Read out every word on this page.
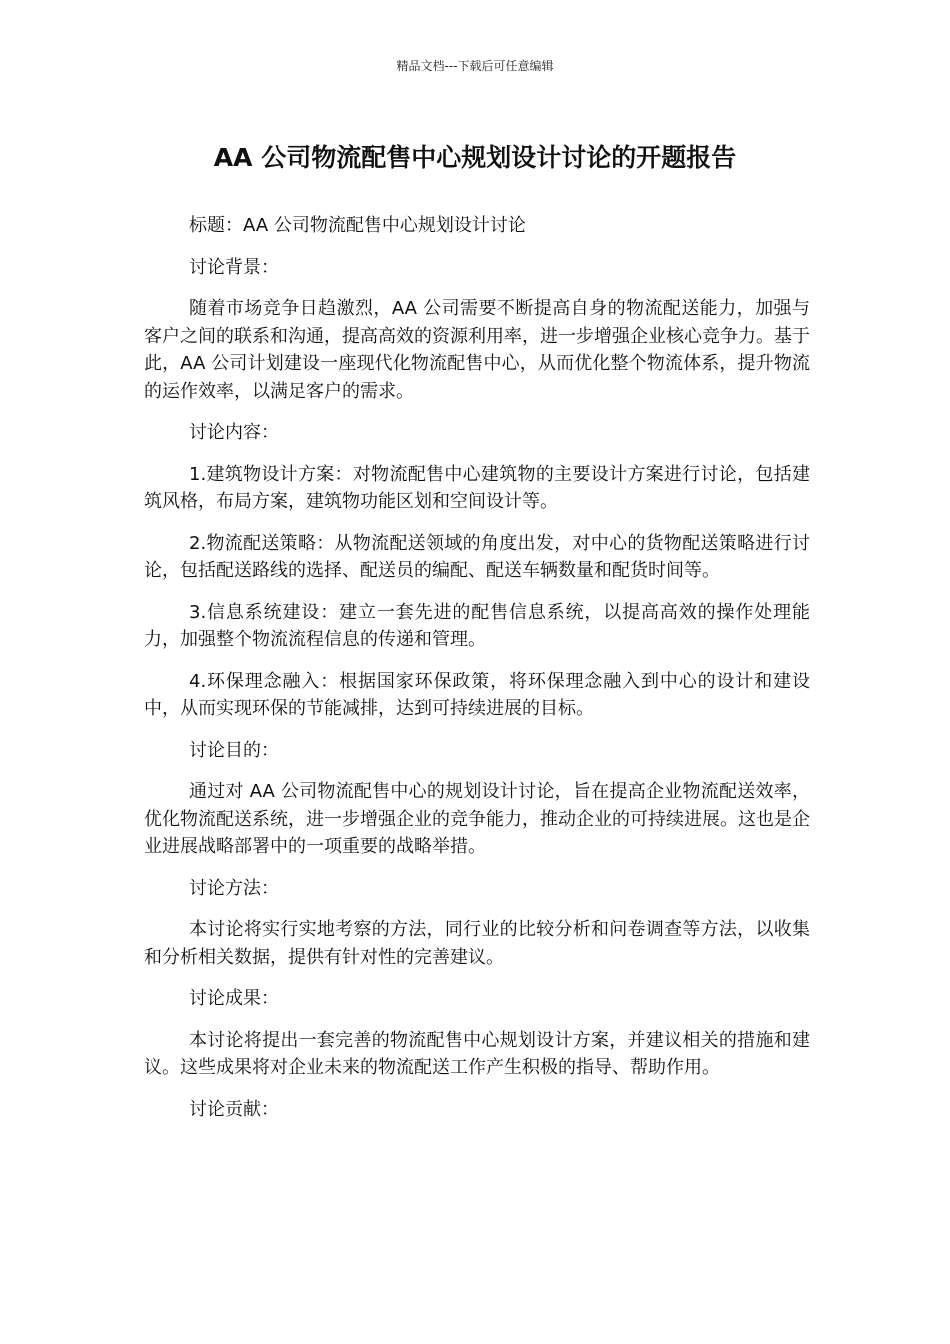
精品文档---下载后可任意编辑
AA 公司物流配售中心规划设计讨论的开题报告

标题：AA 公司物流配售中心规划设计讨论

讨论背景：

随着市场竞争日趋激烈，AA 公司需要不断提高自身的物流配送能力，加强与客户之间的联系和沟通，提高高效的资源利用率，进一步增强企业核心竞争力。基于此，AA 公司计划建设一座现代化物流配售中心，从而优化整个物流体系，提升物流的运作效率，以满足客户的需求。

讨论内容：

1.建筑物设计方案：对物流配售中心建筑物的主要设计方案进行讨论，包括建筑风格，布局方案，建筑物功能区划和空间设计等。

2.物流配送策略：从物流配送领域的角度出发，对中心的货物配送策略进行讨论，包括配送路线的选择、配送员的编配、配送车辆数量和配货时间等。

3.信息系统建设：建立一套先进的配售信息系统，以提高高效的操作处理能力，加强整个物流流程信息的传递和管理。

4.环保理念融入：根据国家环保政策，将环保理念融入到中心的设计和建设中，从而实现环保的节能减排，达到可持续进展的目标。

讨论目的：

通过对 AA 公司物流配售中心的规划设计讨论，旨在提高企业物流配送效率，优化物流配送系统，进一步增强企业的竞争能力，推动企业的可持续进展。这也是企业进展战略部署中的一项重要的战略举措。

讨论方法：

本讨论将实行实地考察的方法，同行业的比较分析和问卷调查等方法，以收集和分析相关数据，提供有针对性的完善建议。

讨论成果：

本讨论将提出一套完善的物流配售中心规划设计方案，并建议相关的措施和建议。这些成果将对企业未来的物流配送工作产生积极的指导、帮助作用。

讨论贡献：
